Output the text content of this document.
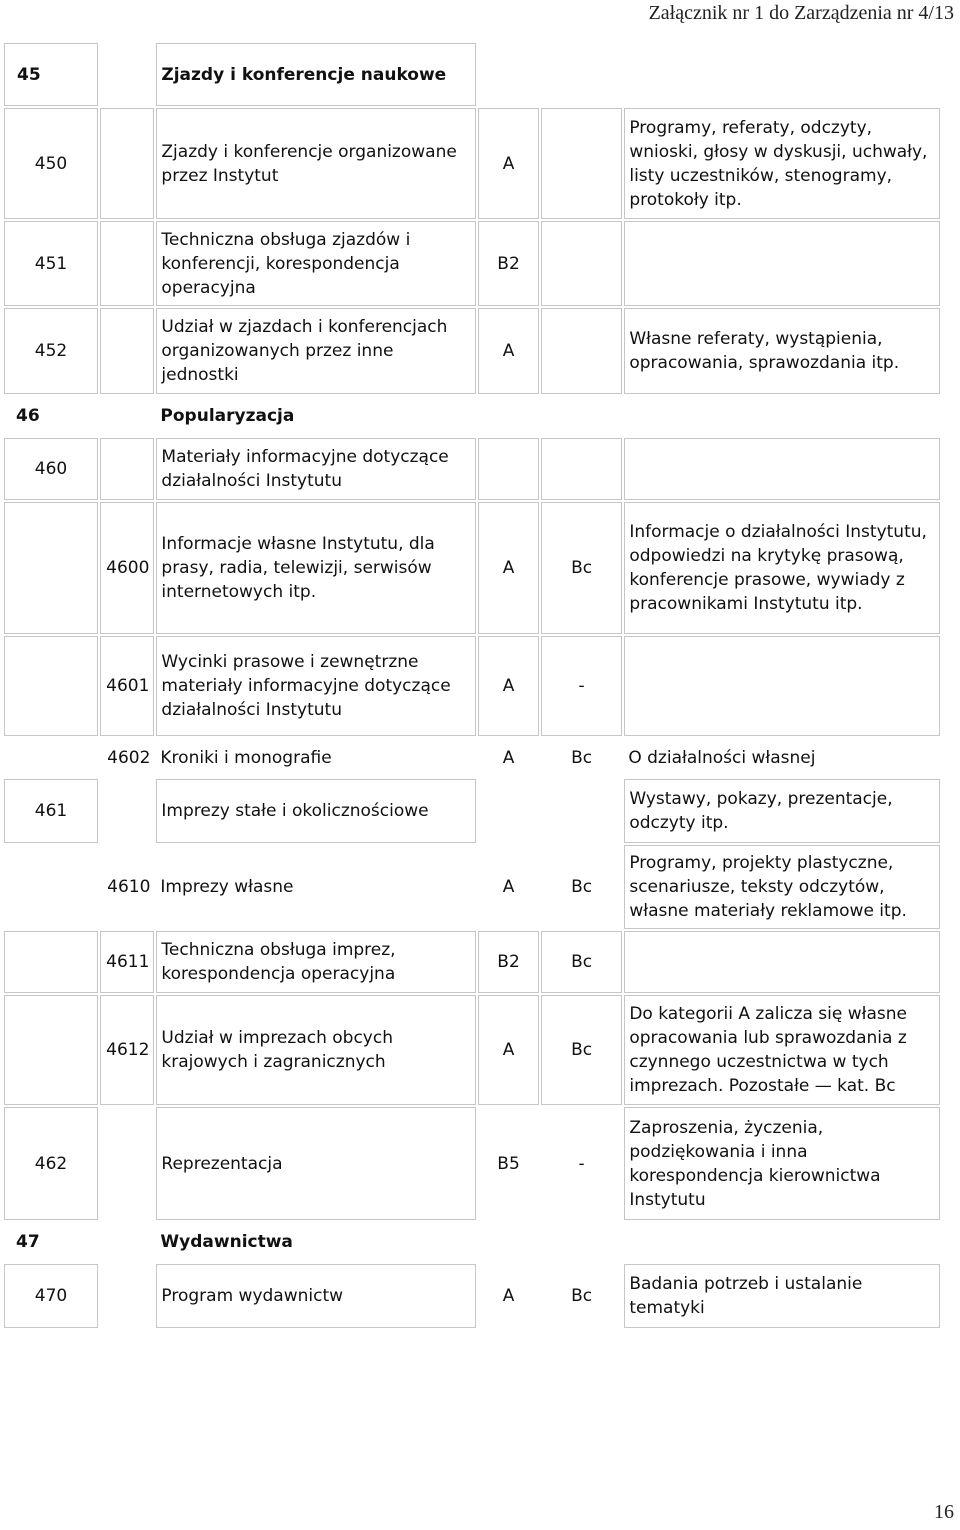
Załącznik nr 1 do Zarządzenia nr 4/13
45		Zjazdy i konferencje naukowe			
450		Zjazdy i konferencje organizowane przez Instytut	A		Programy, referaty, odczyty, wnioski, głosy w dyskusji, uchwały, listy uczestników, stenogramy, protokoły itp.
451		Techniczna obsługa zjazdów i konferencji, korespondencja operacyjna	B2		
452		Udział w zjazdach i konferencjach organizowanych przez inne jednostki	A		Własne referaty, wystąpienia, opracowania, sprawozdania itp.
46		Popularyzacja			
460		Materiały informacyjne dotyczące działalności Instytutu			
	4600	Informacje własne Instytutu, dla prasy, radia, telewizji, serwisów internetowych itp.	A	Bc	Informacje o działalności Instytutu, odpowiedzi na krytykę prasową, konferencje prasowe, wywiady z pracownikami Instytutu itp.
	4601	Wycinki prasowe i zewnętrzne materiały informacyjne dotyczące działalności Instytutu	A	-	
	4602	Kroniki i monografie	A	Bc	O działalności własnej
461		Imprezy stałe i okolicznościowe			Wystawy, pokazy, prezentacje, odczyty itp.
	4610	Imprezy własne	A	Bc	Programy, projekty plastyczne, scenariusze, teksty odczytów, własne materiały reklamowe itp.
	4611	Techniczna obsługa imprez, korespondencja operacyjna	B2	Bc	
	4612	Udział w imprezach obcych krajowych i zagranicznych	A	Bc	Do kategorii A zalicza się własne opracowania lub sprawozdania z czynnego uczestnictwa w tych imprezach. Pozostałe — kat. Bc
462		Reprezentacja	B5	-	Zaproszenia, życzenia, podziękowania i inna korespondencja kierownictwa Instytutu
47		Wydawnictwa			
470		Program wydawnictw	A	Bc	Badania potrzeb i ustalanie tematyki
16
